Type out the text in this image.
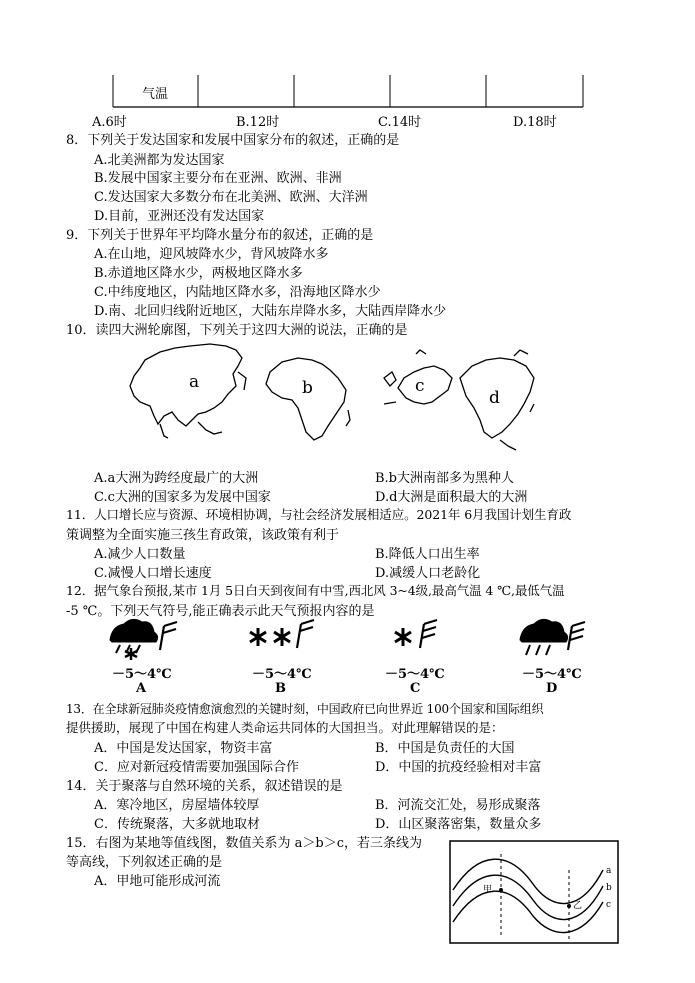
气温
A.6时	B.12时	C.14时	D.18时
8．下列关于发达国家和发展中国家分布的叙述，正确的是
A.北美洲都为发达国家
B.发展中国家主要分布在亚洲、欧洲、非洲
C.发达国家大多数分布在北美洲、欧洲、大洋洲
D.目前，亚洲还没有发达国家
9．下列关于世界年平均降水量分布的叙述，正确的是
A.在山地，迎风坡降水少，背风坡降水多
B.赤道地区降水少，两极地区降水多
C.中纬度地区，内陆地区降水多，沿海地区降水少
D.南、北回归线附近地区，大陆东岸降水多，大陆西岸降水少
10．读四大洲轮廓图，下列关于这四大洲的说法，正确的是
a	b	c
d
A.a大洲为跨经度最广的大洲	B.b大洲南部多为黑种人
C.c大洲的国家多为发展中国家	D.d大洲是面积最大的大洲
11．人口增长应与资源、环境相协调，与社会经济发展相适应。2021年 6月我国计划生育政
策调整为全面实施三孩生育政策，该政策有利于
A.减少人口数量	B.降低人口出生率
C.减慢人口增长速度	D.减缓人口老龄化
12．据气象台预报,某市 1月 5日白天到夜间有中雪,西北风 3~4级,最高气温 4 ℃,最低气温
-5 ℃。下列天气符号,能正确表示此天气预报内容的是
－5～4℃	－5～4℃	－5～4℃	－5～4℃
A	B	C	D
13．在全球新冠肺炎疫情愈演愈烈的关键时刻，中国政府已向世界近 100个国家和国际组织
提供援助，展现了中国在构建人类命运共同体的大国担当。对此理解错误的是：
A．中国是发达国家，物资丰富	B．中国是负责任的大国
C．应对新冠疫情需要加强国际合作	D．中国的抗疫经验相对丰富
14．关于聚落与自然环境的关系，叙述错误的是
A．寒冷地区，房屋墙体较厚	B．河流交汇处，易形成聚落
C．传统聚落，大多就地取材	D．山区聚落密集，数量众多
15．右图为某地等值线图，数值关系为 a＞b＞c，若三条线为
等高线，下列叙述正确的是
A．甲地可能形成河流
a
b
c
甲
乙
